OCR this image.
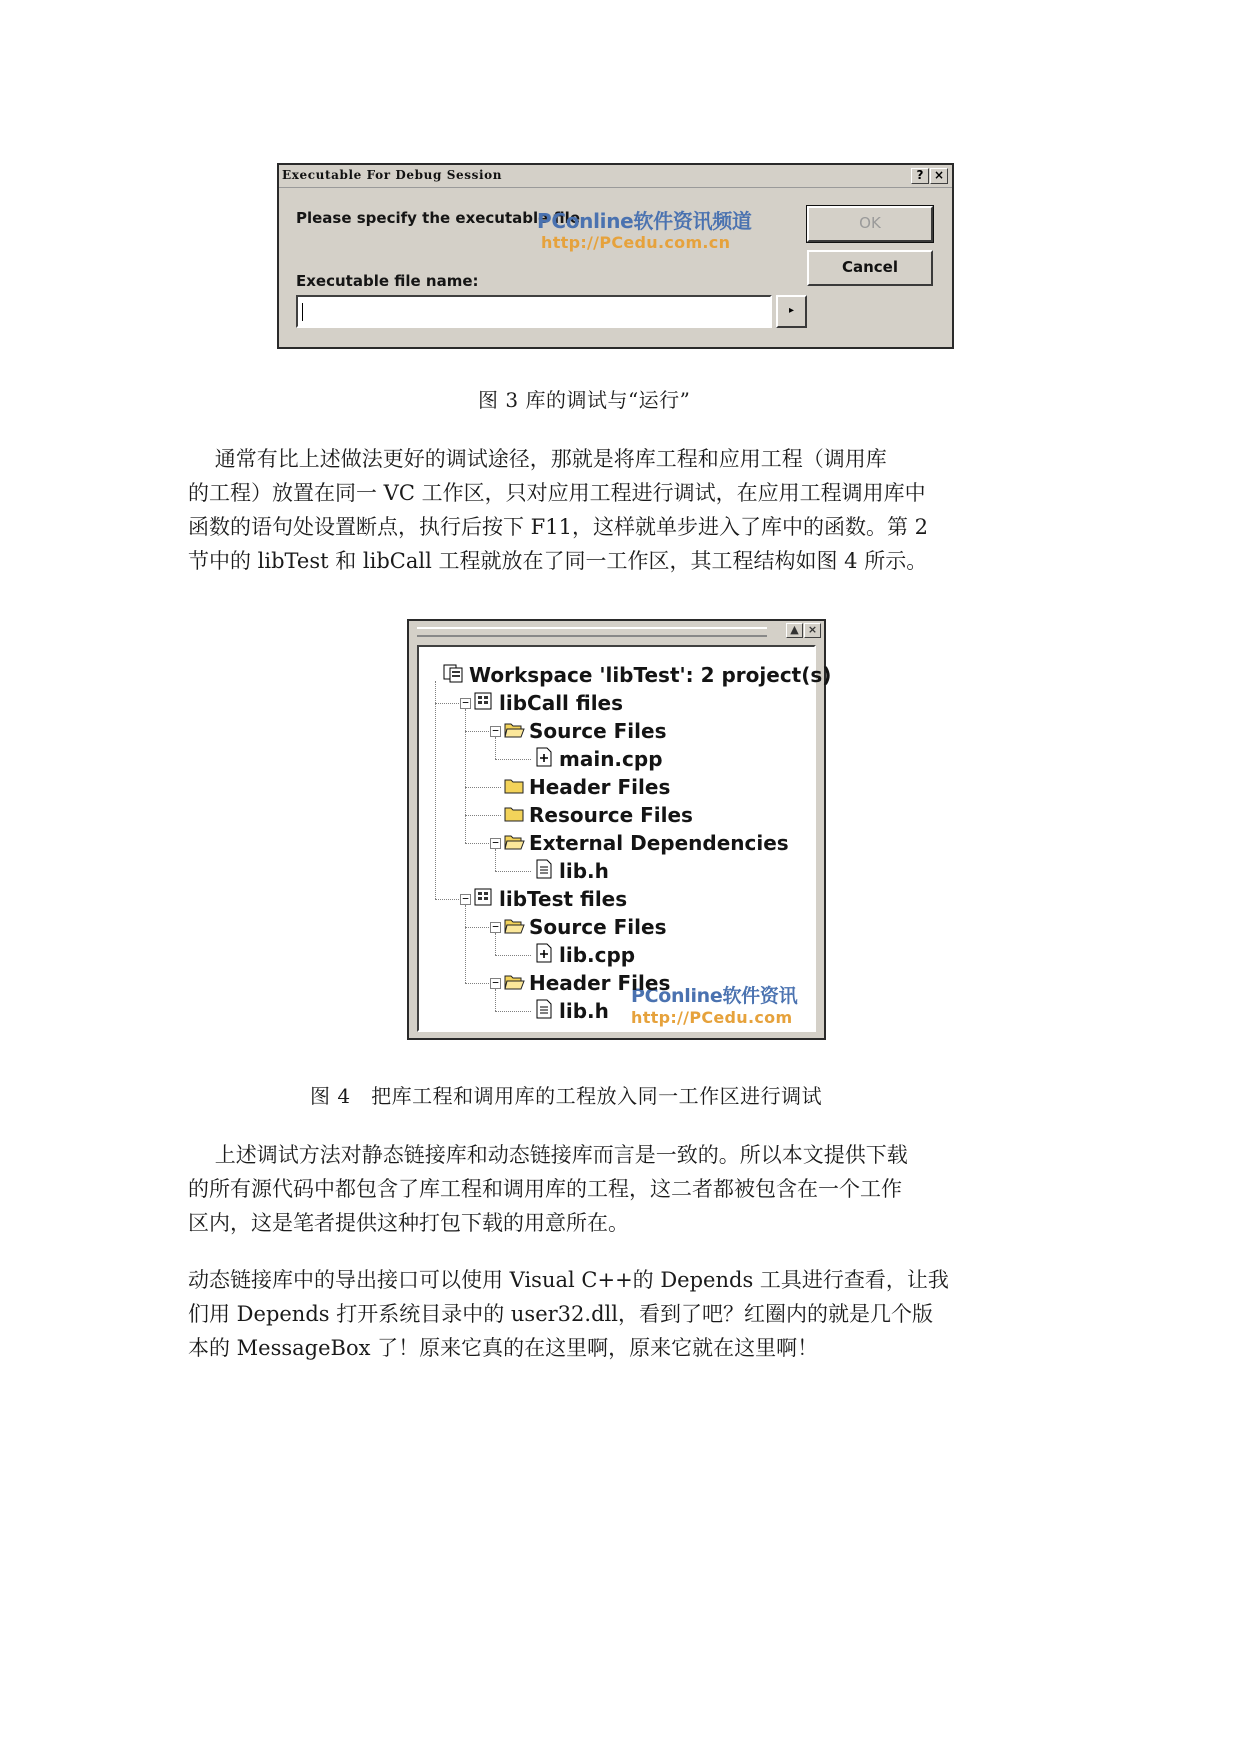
Executable For Debug Session	? ×
Please specify the executable file.
Executable file name:
OK
Cancel
▸
PConline软件资讯频道
http://PCedu.com.cn
图 3 库的调试与“运行”
通常有比上述做法更好的调试途径，那就是将库工程和应用工程（调用库
的工程）放置在同一 VC 工作区，只对应用工程进行调试，在应用工程调用库中
函数的语句处设置断点，执行后按下 F11，这样就单步进入了库中的函数。第 2
节中的 libTest 和 libCall 工程就放在了同一工作区，其工程结构如图 4 所示。
▲ ×
PConline软件资讯
http://PCedu.com
Workspace 'libTest': 2 project(s)
libCall files
−
Source Files
−
main.cpp
Header Files
Resource Files
External Dependencies
−
lib.h
libTest files
−
Source Files
−
lib.cpp
Header Files
−
lib.h
图 4   把库工程和调用库的工程放入同一工作区进行调试
上述调试方法对静态链接库和动态链接库而言是一致的。所以本文提供下载
的所有源代码中都包含了库工程和调用库的工程，这二者都被包含在一个工作
区内，这是笔者提供这种打包下载的用意所在。
动态链接库中的导出接口可以使用 Visual C++的 Depends 工具进行查看，让我
们用 Depends 打开系统目录中的 user32.dll，看到了吧？红圈内的就是几个版
本的 MessageBox 了！原来它真的在这里啊，原来它就在这里啊！
